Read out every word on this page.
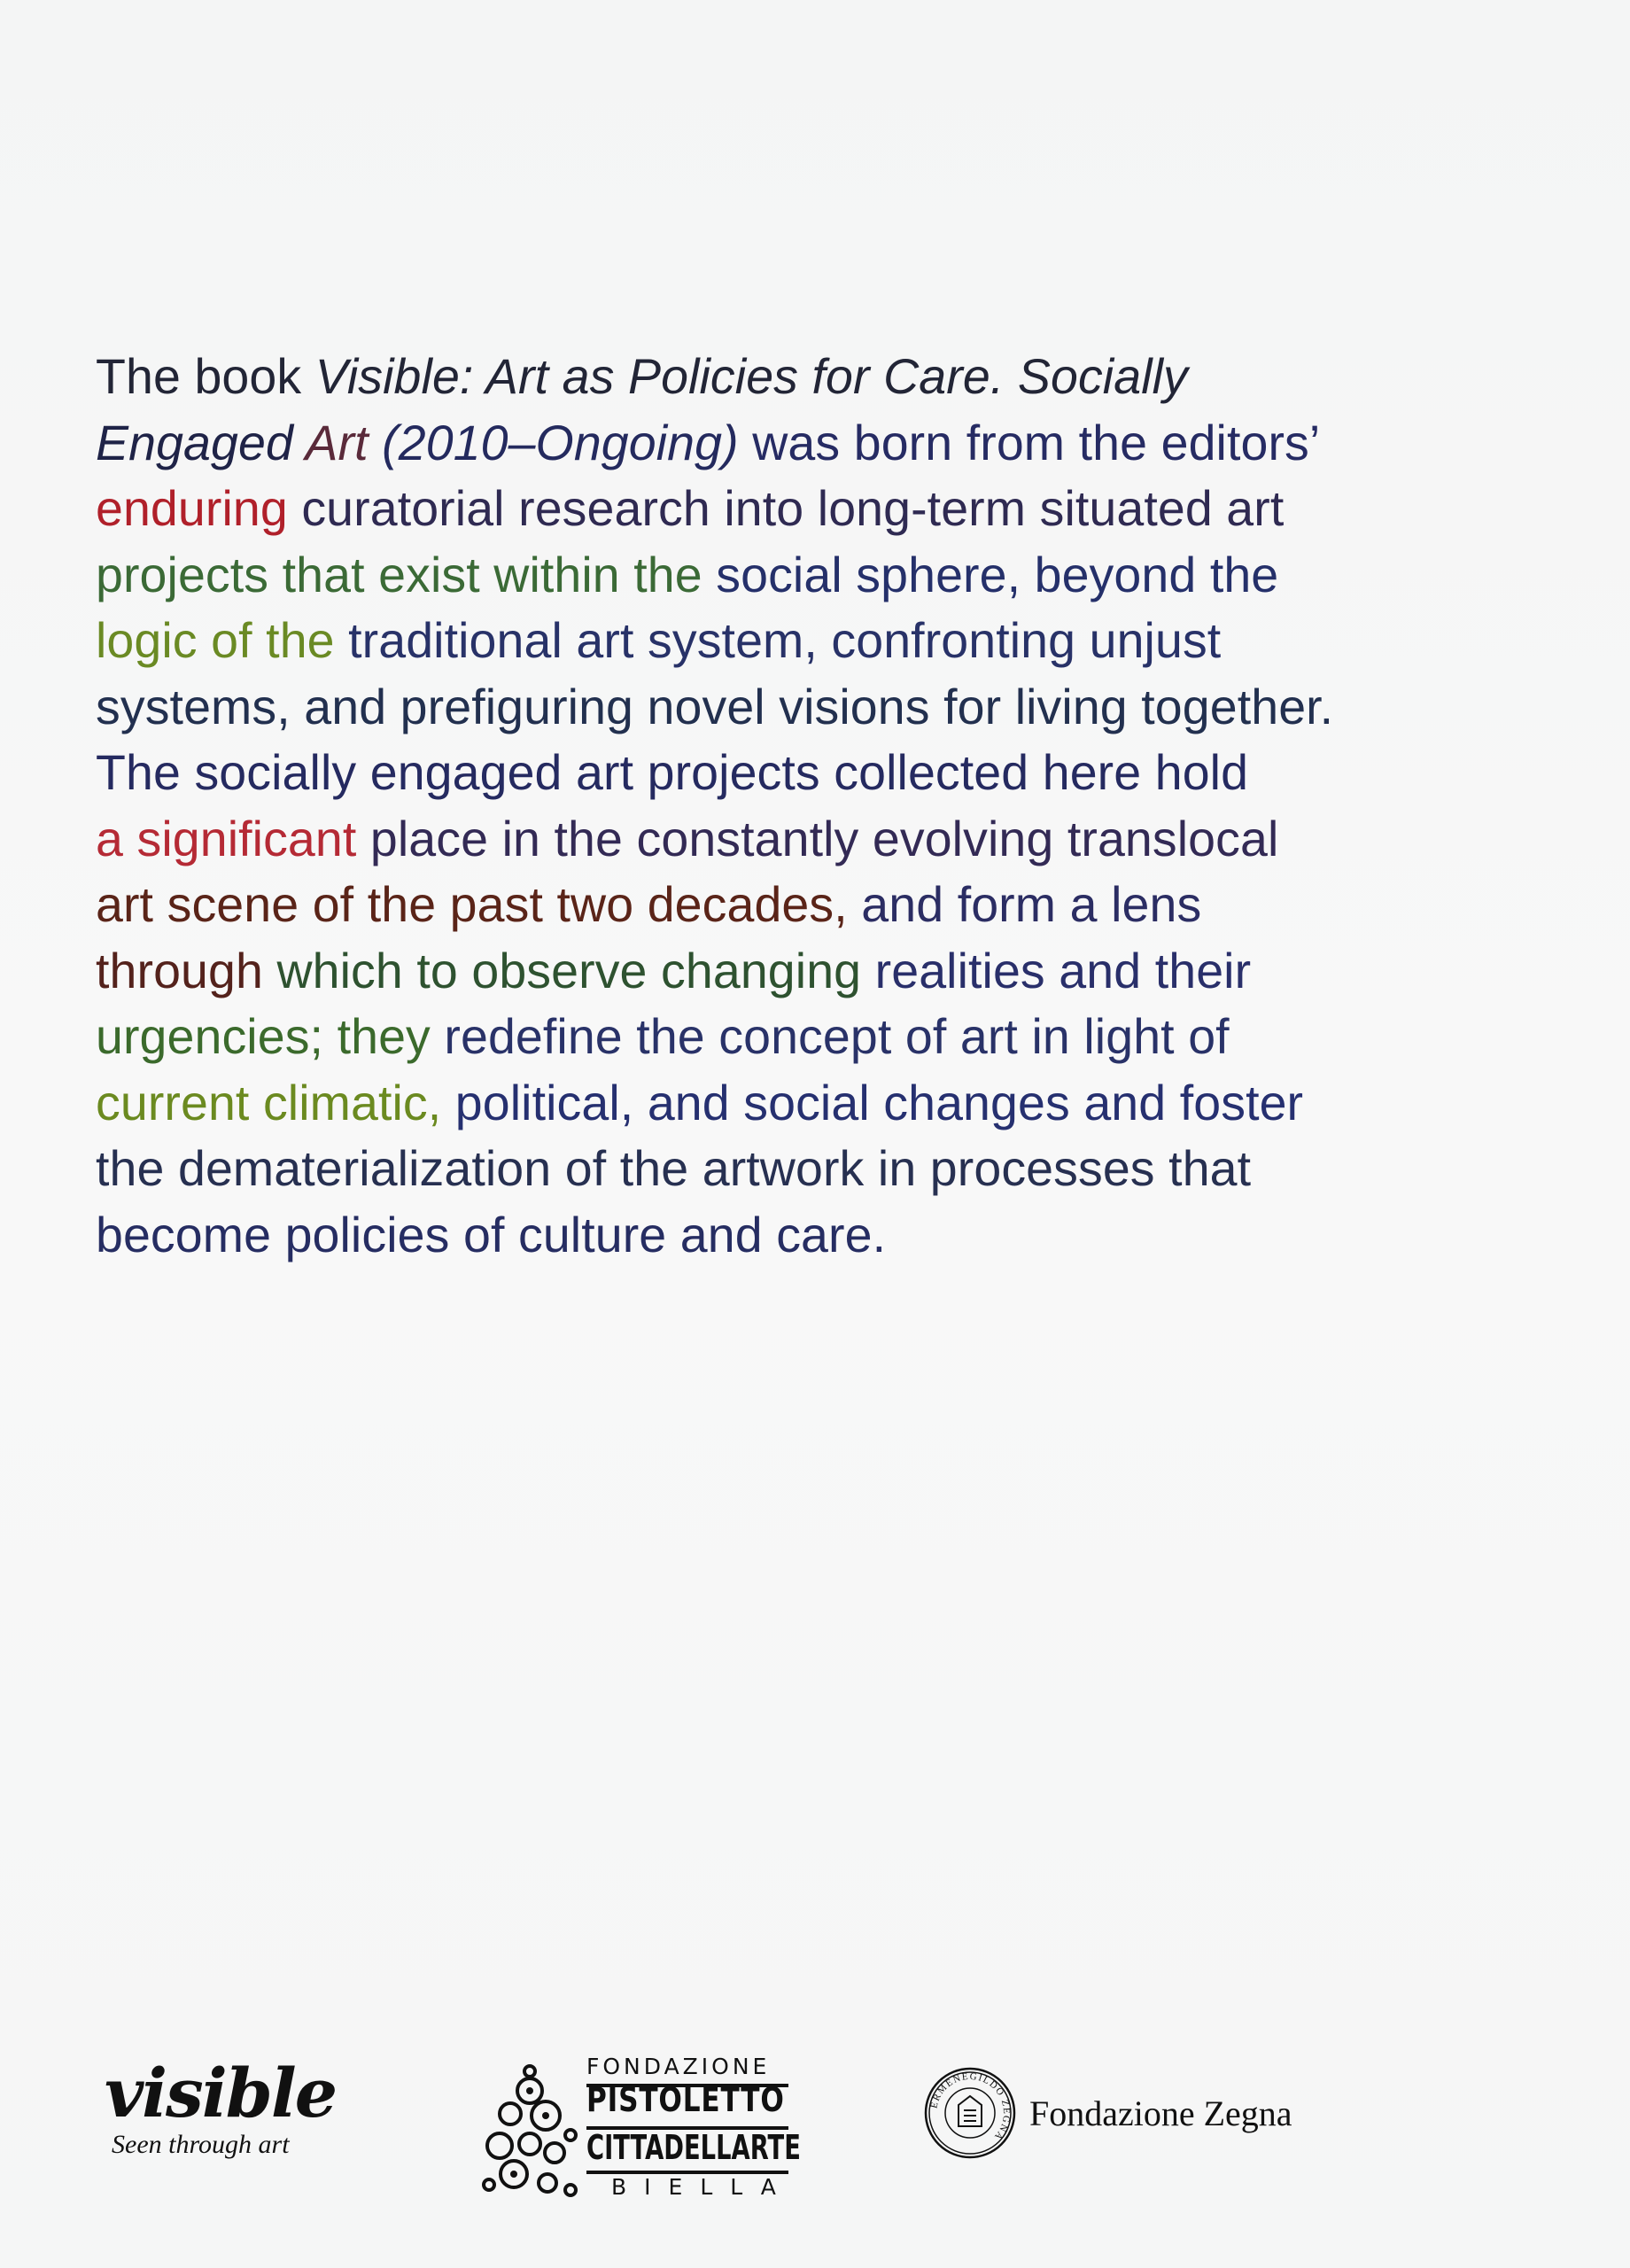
The book Visible: Art as Policies for Care. Socially
Engaged Art (2010–Ongoing) was born from the editors’
enduring curatorial research into long-term situated art
projects that exist within the social sphere, beyond the
logic of the traditional art system, confronting unjust
systems, and prefiguring novel visions for living together.
The socially engaged art projects collected here hold
a significant place in the constantly evolving translocal
art scene of the past two decades, and form a lens
through which to observe changing realities and their
urgencies; they redefine the concept of art in light of
current climatic, political, and social changes and foster
the dematerialization of the artwork in processes that
become policies of culture and care.

visible
Seen through art
FONDAZIONE
PISTOLETTO
CITTADELLARTE
BIELLA
ERMENEGILDO ZEGNA
Fondazione Zegna
